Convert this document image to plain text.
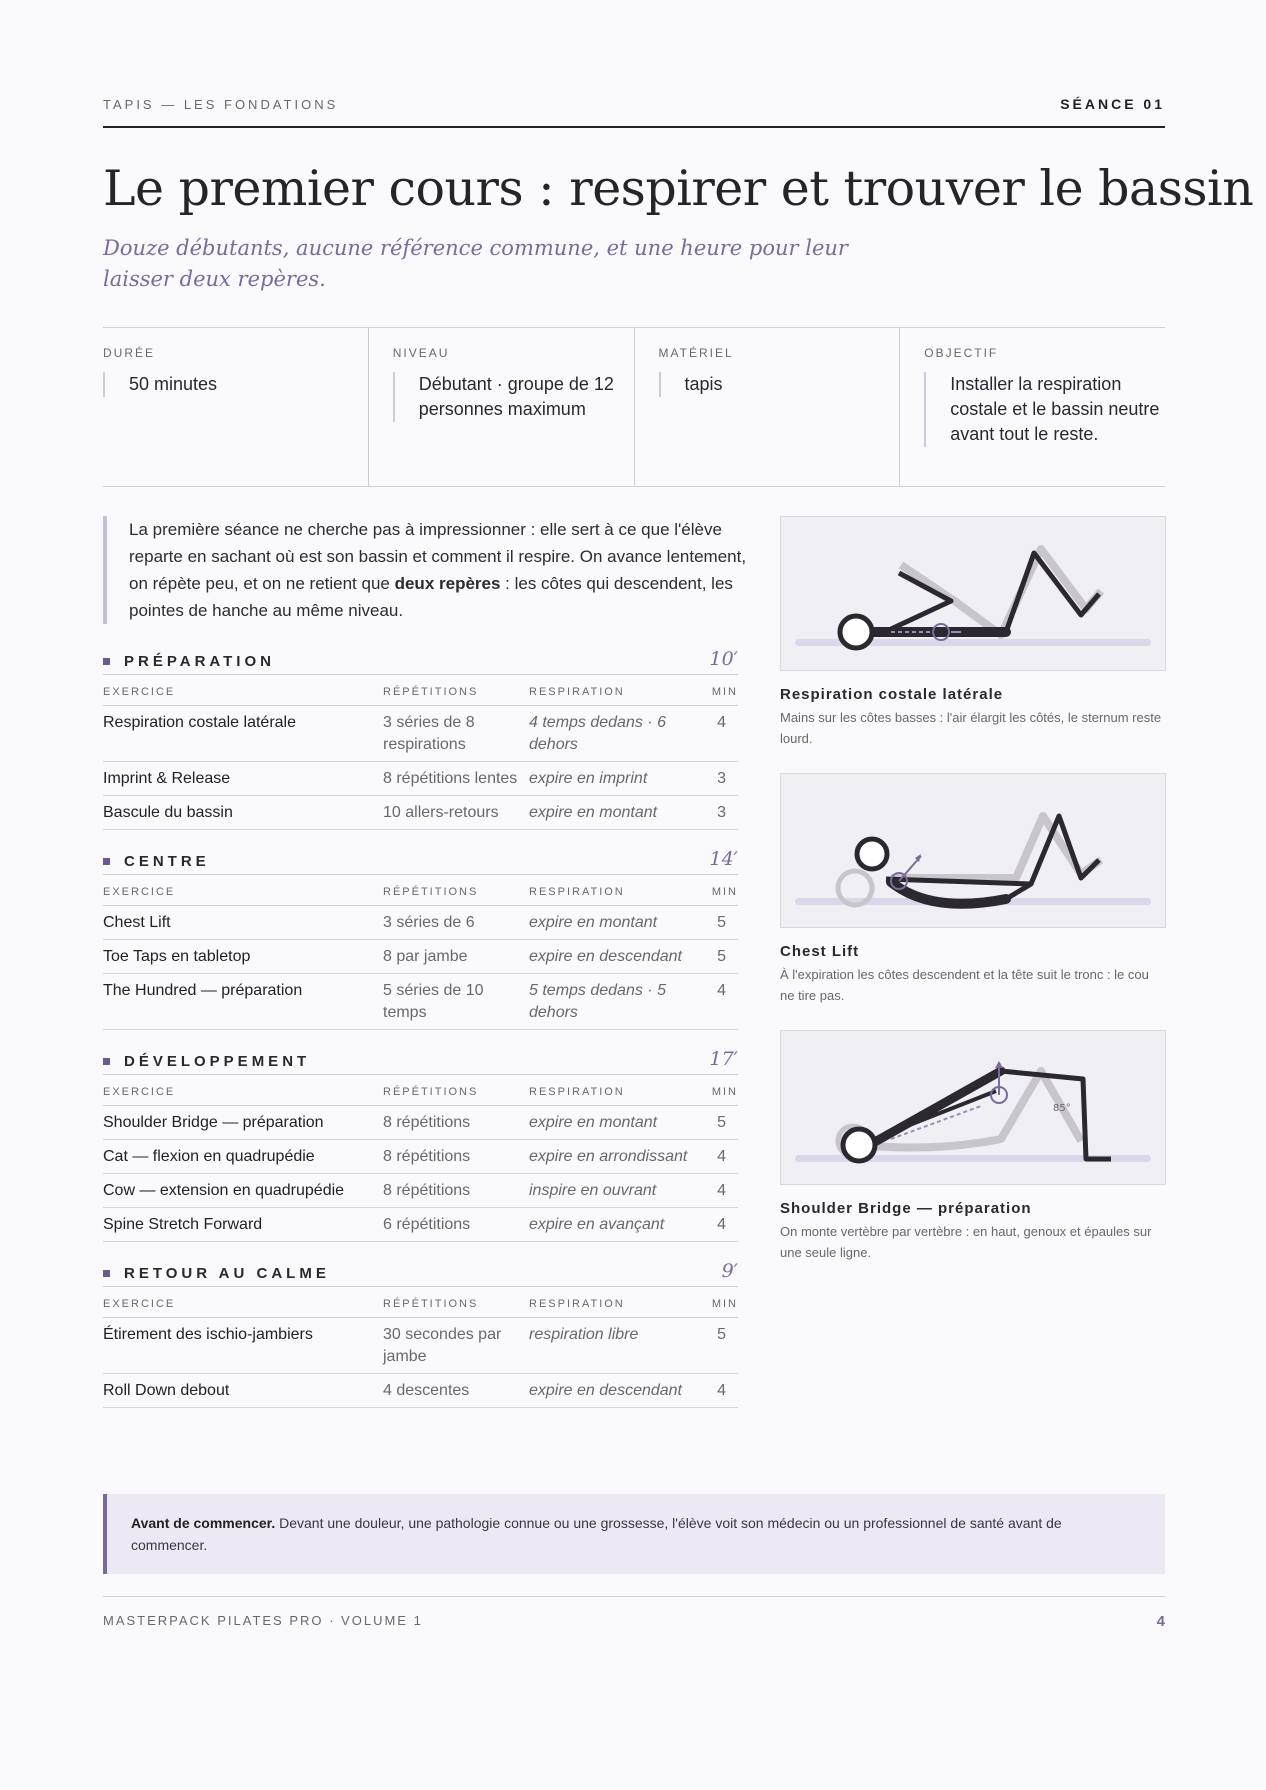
TAPIS — LES FONDATIONS	SÉANCE 01
Le premier cours : respirer et trouver le bassin

Douze débutants, aucune référence commune, et une heure pour leur laisser deux repères.

DURÉE
50 minutes
NIVEAU
Débutant · groupe de 12 personnes maximum
MATÉRIEL
tapis
OBJECTIF
Installer la respiration costale et le bassin neutre avant tout le reste.
La première séance ne cherche pas à impressionner : elle sert à ce que l'élève reparte en sachant où est son bassin et comment il respire. On avance lentement, on répète peu, et on ne retient que deux repères : les côtes qui descendent, les pointes de hanche au même niveau.
PRÉPARATION	10′
EXERCICE	RÉPÉTITIONS	RESPIRATION	MIN
Respiration costale latérale	3 séries de 8 respirations	4 temps dedans · 6 dehors	4
Imprint & Release	8 répétitions lentes	expire en imprint	3
Bascule du bassin	10 allers-retours	expire en montant	3
CENTRE	14′
EXERCICE	RÉPÉTITIONS	RESPIRATION	MIN
Chest Lift	3 séries de 6	expire en montant	5
Toe Taps en tabletop	8 par jambe	expire en descendant	5
The Hundred — préparation	5 séries de 10 temps	5 temps dedans · 5 dehors	4
DÉVELOPPEMENT	17′
EXERCICE	RÉPÉTITIONS	RESPIRATION	MIN
Shoulder Bridge — préparation	8 répétitions	expire en montant	5
Cat — flexion en quadrupédie	8 répétitions	expire en arrondissant	4
Cow — extension en quadrupédie	8 répétitions	inspire en ouvrant	4
Spine Stretch Forward	6 répétitions	expire en avançant	4
RETOUR AU CALME	9′
EXERCICE	RÉPÉTITIONS	RESPIRATION	MIN
Étirement des ischio-jambiers	30 secondes par jambe	respiration libre	5
Roll Down debout	4 descentes	expire en descendant	4
Respiration costale latérale
Mains sur les côtes basses : l'air élargit les côtés, le sternum reste lourd.
Chest Lift
À l'expiration les côtes descendent et la tête suit le tronc : le cou ne tire pas.
85°
Shoulder Bridge — préparation
On monte vertèbre par vertèbre : en haut, genoux et épaules sur une seule ligne.
Avant de commencer. Devant une douleur, une pathologie connue ou une grossesse, l'élève voit son médecin ou un professionnel de santé avant de commencer.
MASTERPACK PILATES PRO · VOLUME 1	4
